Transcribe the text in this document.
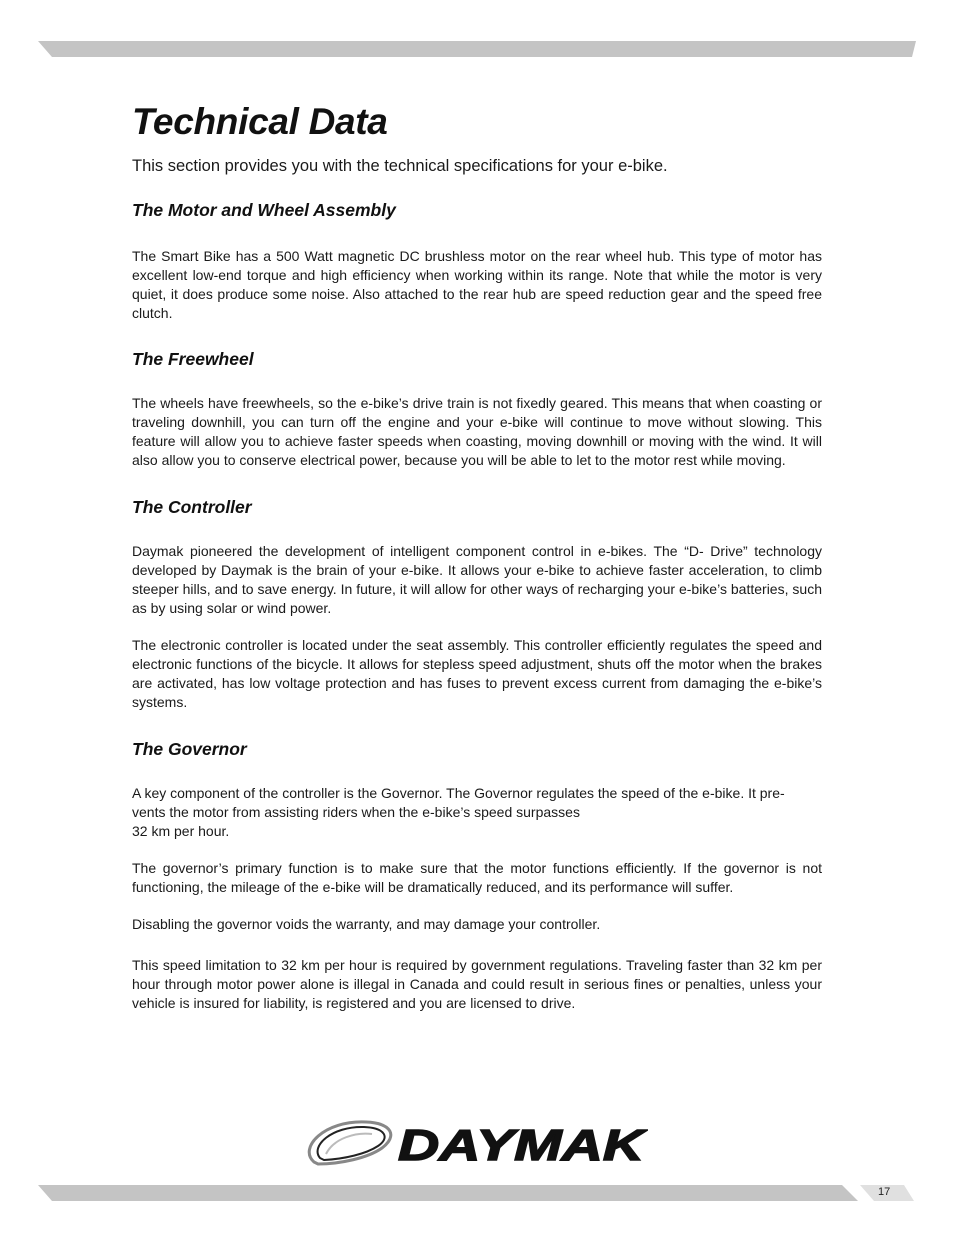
Technical Data

This section provides you with the technical specifications for your e-bike.

The Motor and Wheel Assembly

The Smart Bike has a 500 Watt magnetic DC brushless motor on the rear wheel hub. This type of motor has excellent low-end torque and high efficiency when working within its range. Note that while the motor is very quiet, it does produce some noise. Also attached to the rear hub are speed reduction gear and the speed free clutch.

The Freewheel

The wheels have freewheels, so the e-bike’s drive train is not fixedly geared. This means that when coasting or traveling downhill, you can turn off the engine and your e-bike will continue to move without slowing. This feature will allow you to achieve faster speeds when coasting, moving downhill or moving with the wind. It will also allow you to conserve electrical power, because you will be able to let to the motor rest while moving.

The Controller

Daymak pioneered the development of intelligent component control in e-bikes. The “D- Drive” technology developed by Daymak is the brain of your e-bike. It allows your e-bike to achieve faster acceleration, to climb steeper hills, and to save energy. In future, it will allow for other ways of recharging your e-bike’s batteries, such as by using solar or wind power.

The electronic controller is located under the seat assembly. This controller efficiently regulates the speed and electronic functions of the bicycle. It allows for stepless speed adjustment, shuts off the motor when the brakes are activated, has low voltage protection and has fuses to prevent excess current from damaging the e-bike’s systems.

The Governor

A key component of the controller is the Governor. The Governor regulates the speed of the e-bike. It pre-
vents the motor from assisting riders when the e-bike’s speed surpasses
32 km per hour.

The governor’s primary function is to make sure that the motor functions efficiently. If the governor is not functioning, the mileage of the e-bike will be dramatically reduced, and its performance will suffer.

Disabling the governor voids the warranty, and may damage your controller.

This speed limitation to 32 km per hour is required by government regulations. Traveling faster than 32 km per hour through motor power alone is illegal in Canada and could result in serious fines or penalties, unless your vehicle is insured for liability, is registered and you are licensed to drive.

DAYMAK
17
